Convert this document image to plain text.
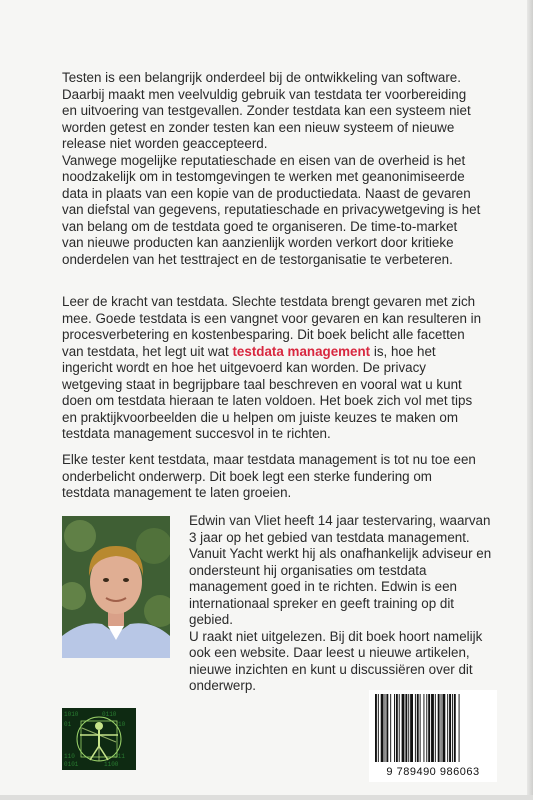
Testen is een belangrijk onderdeel bij de ontwikkeling van software. Daarbij maakt men veelvuldig gebruik van testdata ter voorbereiding en uitvoering van testgevallen. Zonder testdata kan een systeem niet worden getest en zonder testen kan een nieuw systeem of nieuwe release niet worden geaccepteerd.

Vanwege mogelijke reputatieschade en eisen van de overheid is het noodzakelijk om in testomgevingen te werken met geanonimiseerde data in plaats van een kopie van de productiedata. Naast de gevaren van diefstal van gegevens, reputatieschade en privacywetgeving is het van belang om de testdata goed te organiseren. De time-to-market van nieuwe producten kan aanzienlijk worden verkort door kritieke onderdelen van het testtraject en de testorganisatie te verbeteren.

Leer de kracht van testdata. Slechte testdata brengt gevaren met zich mee. Goede testdata is een vangnet voor gevaren en kan resulteren in procesverbetering en kostenbesparing. Dit boek belicht alle facetten van testdata, het legt uit wat testdata management is, hoe het ingericht wordt en hoe het uitgevoerd kan worden. De privacy wetgeving staat in begrijpbare taal beschreven en vooral wat u kunt doen om testdata hieraan te laten voldoen. Het boek zich vol met tips en praktijkvoorbeelden die u helpen om juiste keuzes te maken om testdata management succesvol in te richten.

Elke tester kent testdata, maar testdata management is tot nu toe een onderbelicht onderwerp. Dit boek legt een sterke fundering om testdata management te laten groeien.

Edwin van Vliet heeft 14 jaar testervaring, waarvan 3 jaar op het gebied van testdata management. Vanuit Yacht werkt hij als onafhankelijk adviseur en ondersteunt hij organisaties om testdata management goed in te richten. Edwin is een internationaal spreker en geeft training op dit gebied.

U raakt niet uitgelezen. Bij dit boek hoort namelijk ook een website. Daar leest u nieuwe artikelen, nieuwe inzichten en kunt u discussiëren over dit onderwerp.

1010	0110
01	10
110	011
0101	1100
9 789490 986063
